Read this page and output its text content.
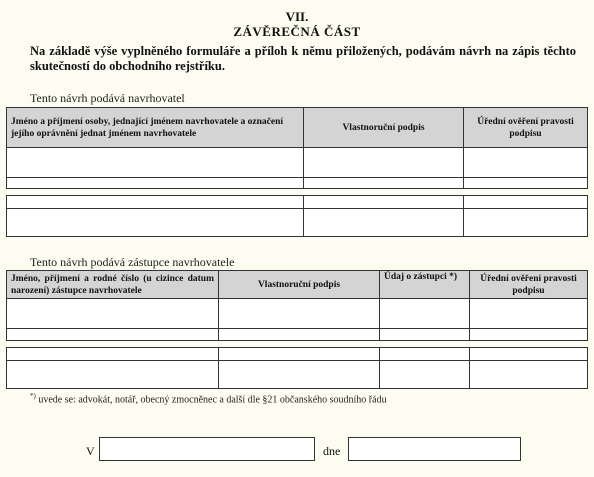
VII.
ZÁVĚREČNÁ ČÁST
Na základě výše vyplněného formuláře a příloh k němu přiložených, podávám návrh na zápis těchto skutečností do obchodního rejstříku.
Tento návrh podává navrhovatel
Jméno a příjmení osoby, jednající jménem navrhovatele a označení jejího oprávnění jednat jménem navrhovatele	Vlastnoruční podpis	Úřední ověření pravosti podpisu

Tento návrh podává zástupce navrhovatele
Jméno, příjmení a rodné číslo (u cizince datum narození) zástupce navrhovatele	Vlastnoruční podpis	Údaj o zástupci *)	Úřední ověření pravosti podpisu

*) uvede se: advokát, notář, obecný zmocněnec a další dle §21 občanského soudního řádu
V	dne
